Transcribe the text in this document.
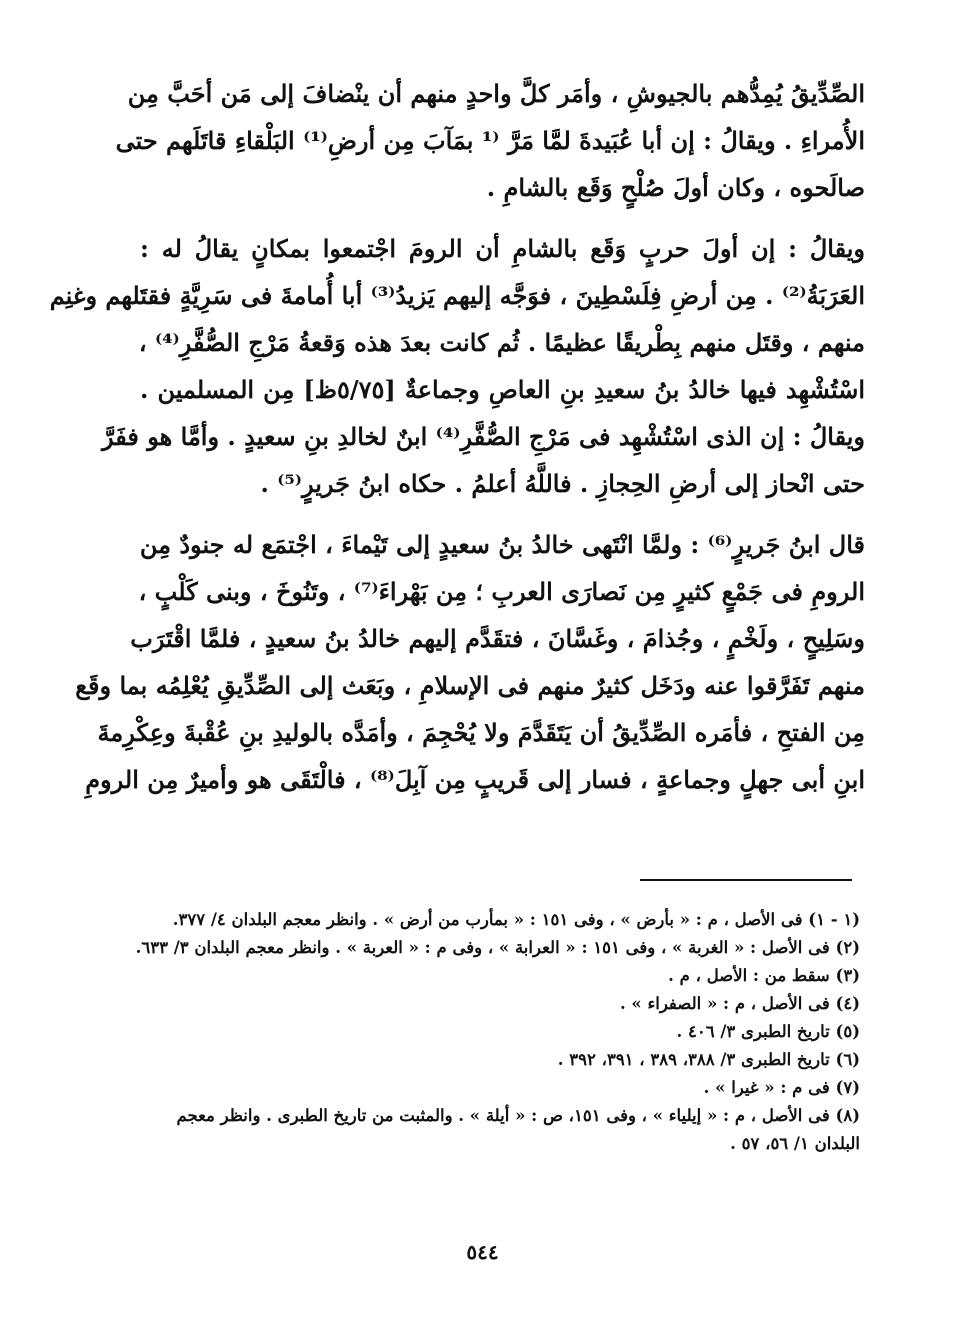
الصِّدِّيقُ يُمِدُّهم بالجيوشِ ، وأمَر كلَّ واحدٍ منهم أن ينْضافَ إلى مَن أحَبَّ مِن
الأُمراءِ . ويقالُ : إن أبا عُبَيدةَ لمَّا مَرَّ ⁽¹ بمَآبَ مِن أرضِ⁽¹⁾ البَلْقاءِ قاتَلَهم حتى
صالَحوه ، وكان أولَ صُلْحٍ وَقَع بالشامِ .
ويقالُ : إن أولَ حربٍ وَقَع بالشامِ أن الرومَ اجْتمعوا بمكانٍ يقالُ له :
العَرَبَةُ⁽²⁾ . مِن أرضِ فِلَسْطِينَ ، فوَجَّه إليهم يَزيدُ⁽³⁾ أبا أُمامةَ فى سَرِيَّةٍ فقتَلهم وغنِم
منهم ، وقتَل منهم بِطْريقًا عظيمًا . ثُم كانت بعدَ هذه وَقعةُ مَرْجِ الصُّفَّرِ⁽⁴⁾ ،
اسْتُشْهِد فيها خالدُ بنُ سعيدِ بنِ العاصِ وجماعةٌ [٥/٧٥ظ] مِن المسلمين .
ويقالُ : إن الذى اسْتُشْهِد فى مَرْجِ الصُّفَّرِ⁽⁴⁾ ابنٌ لخالدِ بنِ سعيدٍ . وأمَّا هو ففَرَّ
حتى انْحاز إلى أرضِ الحِجازِ . فاللَّهُ أعلمُ . حكاه ابنُ جَريرٍ⁽⁵⁾ .
قال ابنُ جَريرٍ⁽⁶⁾ : ولمَّا انْتَهى خالدُ بنُ سعيدٍ إلى تَيْماءَ ، اجْتمَع له جنودٌ مِن
الرومِ فى جَمْعٍ كثيرٍ مِن نَصارَى العربِ ؛ مِن بَهْراءَ⁽⁷⁾ ، وتَنُوخَ ، وبنى كَلْبٍ ،
وسَلِيحٍ ، ولَخْمٍ ، وجُذامَ ، وغَسَّانَ ، فتقَدَّم إليهم خالدُ بنُ سعيدٍ ، فلمَّا اقْتَرَب
منهم تَفَرَّقوا عنه ودَخَل كثيرٌ منهم فى الإسلامِ ، وبَعَث إلى الصِّدِّيقِ يُعْلِمُه بما وقَع
مِن الفتحِ ، فأمَره الصِّدِّيقُ أن يَتَقَدَّمَ ولا يُحْجِمَ ، وأمَدَّه بالوليدِ بنِ عُقْبةَ وعِكْرِمةَ
ابنِ أبى جهلٍ وجماعةٍ ، فسار إلى قَريبٍ مِن آبِلَ⁽⁸⁾ ، فالْتَقَى هو وأميرٌ مِن الرومِ
(١ - ١) فى الأصل ، م : « بأرض » ، وفى ١٥١ : « بمأرب من أرض » . وانظر معجم البلدان ٤/ ٣٧٧.
(٢) فى الأصل : « الغربة » ، وفى ١٥١ : « العرابة » ، وفى م : « العربة » . وانظر معجم البلدان ٣/ ٦٣٣.
(٣) سقط من : الأصل ، م .
(٤) فى الأصل ، م : « الصفراء » .
(٥) تاريخ الطبرى ٣/ ٤٠٦ .
(٦) تاريخ الطبرى ٣/ ٣٨٨، ٣٨٩ ، ٣٩١، ٣٩٢ .
(٧) فى م : « غيرا » .
(٨) فى الأصل ، م : « إيلياء » ، وفى ١٥١، ص : « أيلة » . والمثبت من تاريخ الطبرى . وانظر معجم
البلدان ١/ ٥٦، ٥٧ .
٥٤٤
